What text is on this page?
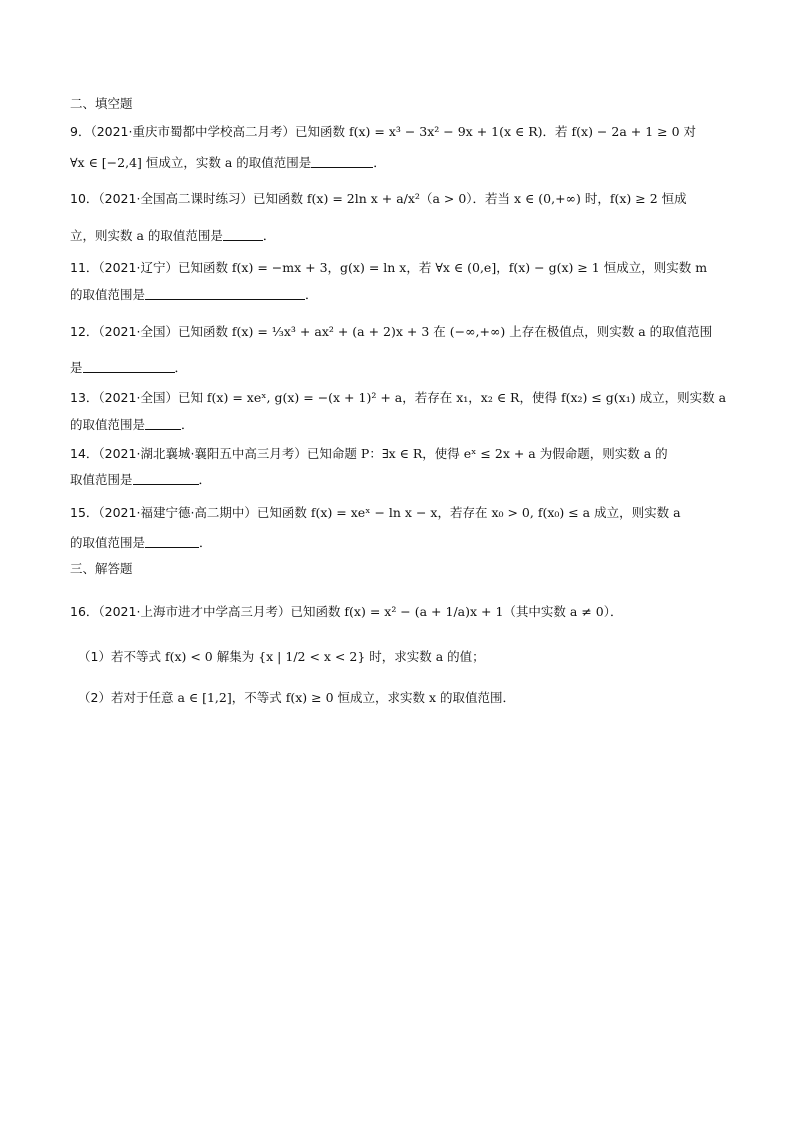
二、填空题
9．（2021·重庆市蜀都中学校高二月考）已知函数 f(x) = x³ − 3x² − 9x + 1(x ∈ R)．若 f(x) − 2a + 1 ≥ 0 对
∀x ∈ [−2,4] 恒成立，实数 a 的取值范围是	．
10．（2021·全国高二课时练习）已知函数 f(x) = 2ln x + a/x²（a > 0）．若当 x ∈ (0,+∞) 时，f(x) ≥ 2 恒成
立，则实数 a 的取值范围是	．
11．（2021·辽宁）已知函数 f(x) = −mx + 3，g(x) = ln x，若 ∀x ∈ (0,e]，f(x) − g(x) ≥ 1 恒成立，则实数 m
的取值范围是	．
12．（2021·全国）已知函数 f(x) = ⅓x³ + ax² + (a + 2)x + 3 在 (−∞,+∞) 上存在极值点，则实数 a 的取值范围
是	．
13．（2021·全国）已知 f(x) = xeˣ, g(x) = −(x + 1)² + a，若存在 x₁，x₂ ∈ R，使得 f(x₂) ≤ g(x₁) 成立，则实数 a
的取值范围是	．
14．（2021·湖北襄城·襄阳五中高三月考）已知命题 P：∃x ∈ R，使得 eˣ ≤ 2x + a 为假命题，则实数 a 的
取值范围是	．
15．（2021·福建宁德·高二期中）已知函数 f(x) = xeˣ − ln x − x，若存在 x₀ > 0, f(x₀) ≤ a 成立，则实数 a
的取值范围是	．
三、解答题
16．（2021·上海市进才中学高三月考）已知函数 f(x) = x² − (a + 1/a)x + 1（其中实数 a ≠ 0）．
（1）若不等式 f(x) < 0 解集为 {x | 1/2 < x < 2} 时，求实数 a 的值；
（2）若对于任意 a ∈ [1,2]，不等式 f(x) ≥ 0 恒成立，求实数 x 的取值范围．
